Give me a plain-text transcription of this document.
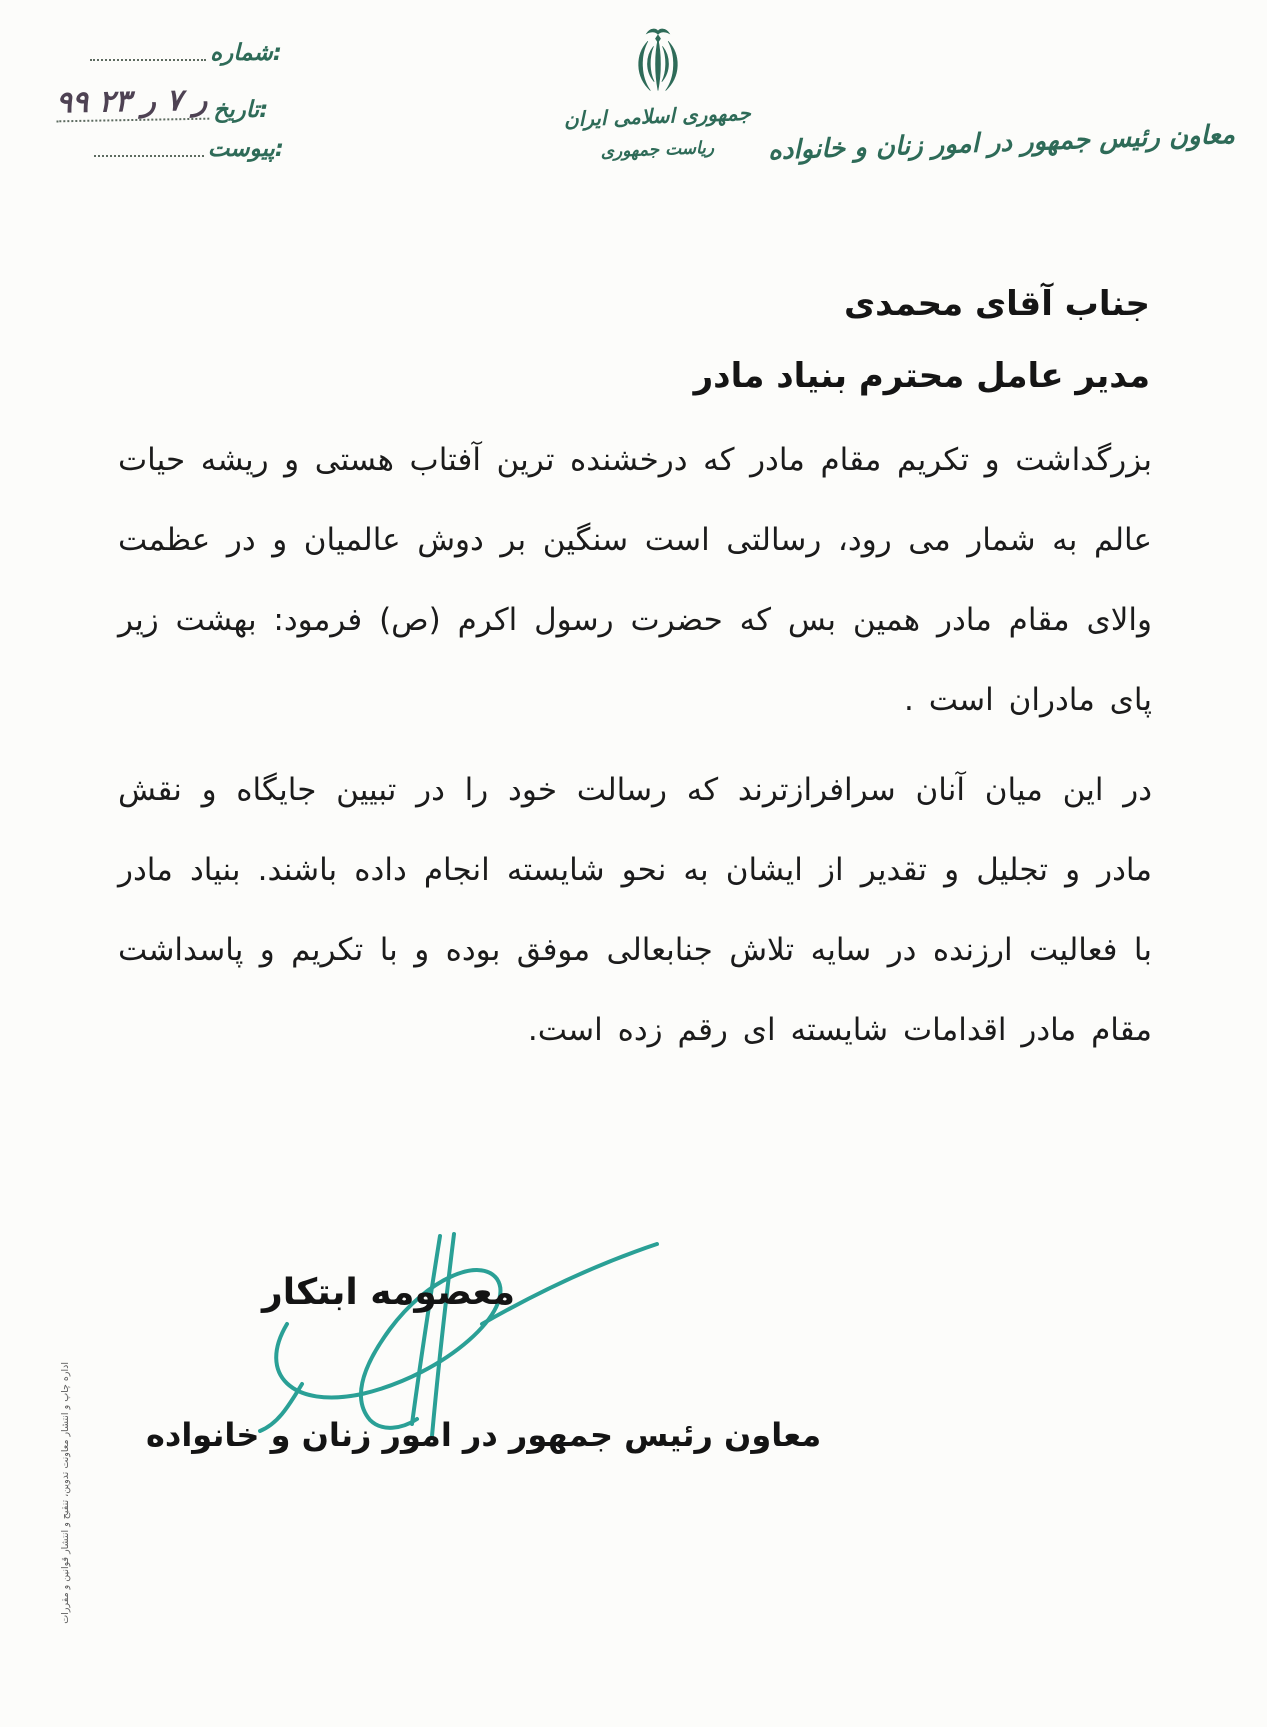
شماره:
۹۹ ر ۷ ر ۲۳ تاریخ:
پیوست:
جمهوری اسلامی ایران
ریاست جمهوری	معاون رئیس جمهور در امور زنان و خانواده
جناب آقای محمدی
مدیر عامل محترم بنیاد مادر
بزرگداشت و تکریم مقام مادر که درخشنده ترین آفتاب هستی و ریشه حیات عالم به شمار می رود، رسالتی است سنگین بر دوش عالمیان و در عظمت والای مقام مادر همین بس که حضرت رسول اکرم (ص) فرمود: بهشت زیر پای مادران است .
در این میان آنان سرافرازترند که رسالت خود را در تبیین جایگاه و نقش مادر و تجلیل و تقدیر از ایشان به نحو شایسته انجام داده باشند. بنیاد مادر با فعالیت ارزنده در سایه تلاش جنابعالی موفق بوده و با تکریم و پاسداشت مقام مادر اقدامات شایسته ای رقم زده است.
معصومه ابتکار
معاون رئیس جمهور در امور زنان و خانواده
اداره چاپ و انتشار معاونت تدوین، تنقیح و انتشار قوانین و مقررات
